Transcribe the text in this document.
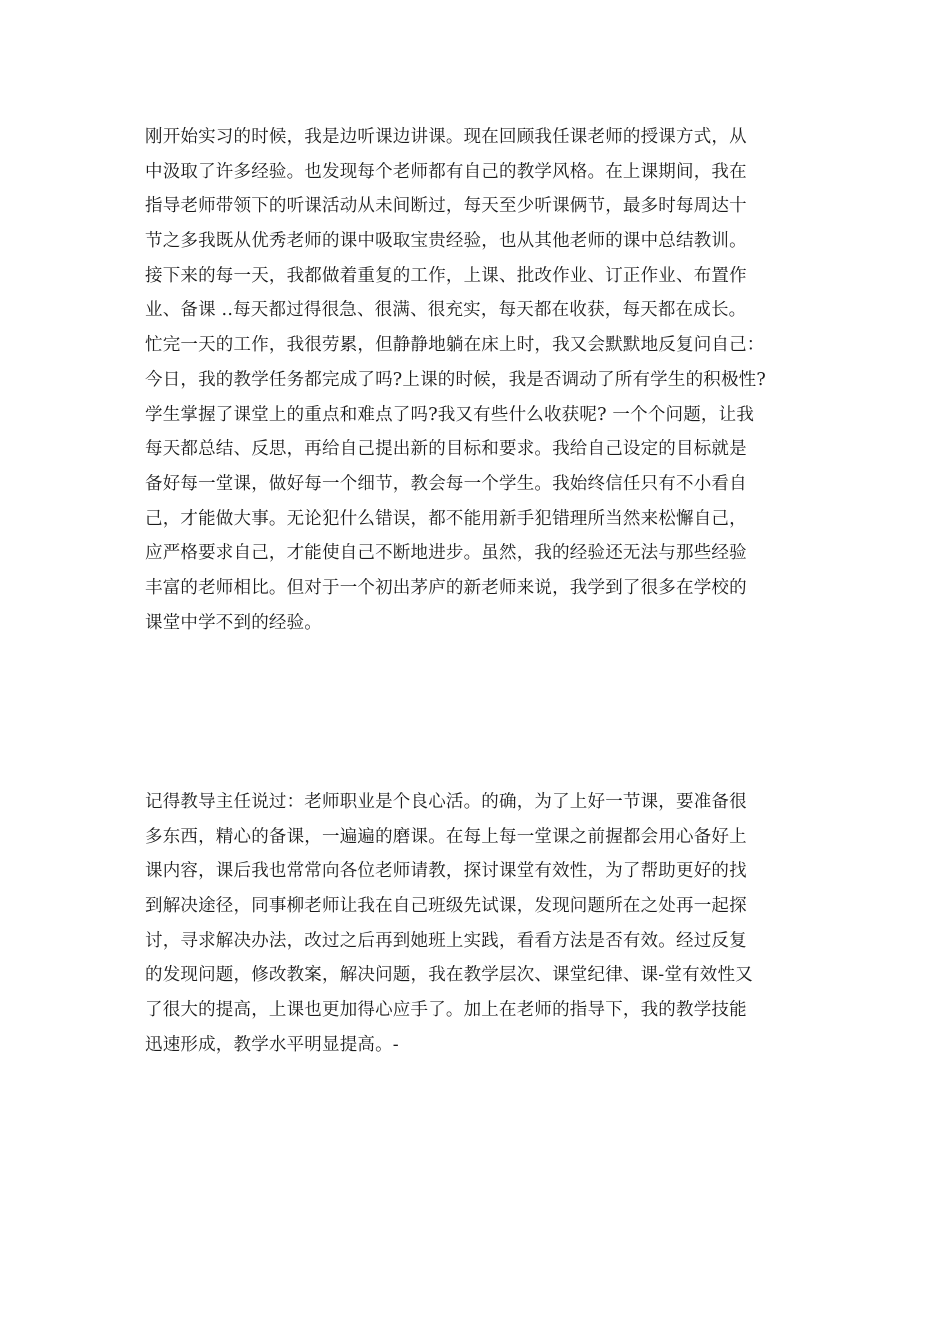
刚开始实习的时候，我是边听课边讲课。现在回顾我任课老师的授课方式，从
中汲取了许多经验。也发现每个老师都有自己的教学风格。在上课期间，我在
指导老师带领下的听课活动从未间断过，每天至少听课俩节，最多时每周达十
节之多我既从优秀老师的课中吸取宝贵经验，也从其他老师的课中总结教训。
接下来的每一天，我都做着重复的工作，上课、批改作业、订正作业、布置作
业、备课 ..每天都过得很急、很满、很充实，每天都在收获，每天都在成长。
忙完一天的工作，我很劳累，但静静地躺在床上时，我又会默默地反复问自己：
今日，我的教学任务都完成了吗?上课的时候，我是否调动了所有学生的积极性?
学生掌握了课堂上的重点和难点了吗?我又有些什么收获呢? 一个个问题，让我
每天都总结、反思，再给自己提出新的目标和要求。我给自己设定的目标就是
备好每一堂课，做好每一个细节，教会每一个学生。我始终信任只有不小看自
己，才能做大事。无论犯什么错误，都不能用新手犯错理所当然来松懈自己，
应严格要求自己，才能使自己不断地进步。虽然，我的经验还无法与那些经验
丰富的老师相比。但对于一个初出茅庐的新老师来说，我学到了很多在学校的
课堂中学不到的经验。
记得教导主任说过：老师职业是个良心活。的确，为了上好一节课，要准备很
多东西，精心的备课，一遍遍的磨课。在每上每一堂课之前握都会用心备好上
课内容，课后我也常常向各位老师请教，探讨课堂有效性，为了帮助更好的找
到解决途径，同事柳老师让我在自己班级先试课，发现问题所在之处再一起探
讨，寻求解决办法，改过之后再到她班上实践，看看方法是否有效。经过反复
的发现问题，修改教案，解决问题，我在教学层次、课堂纪律、课-堂有效性又
了很大的提高，上课也更加得心应手了。加上在老师的指导下，我的教学技能
迅速形成，教学水平明显提高。-
